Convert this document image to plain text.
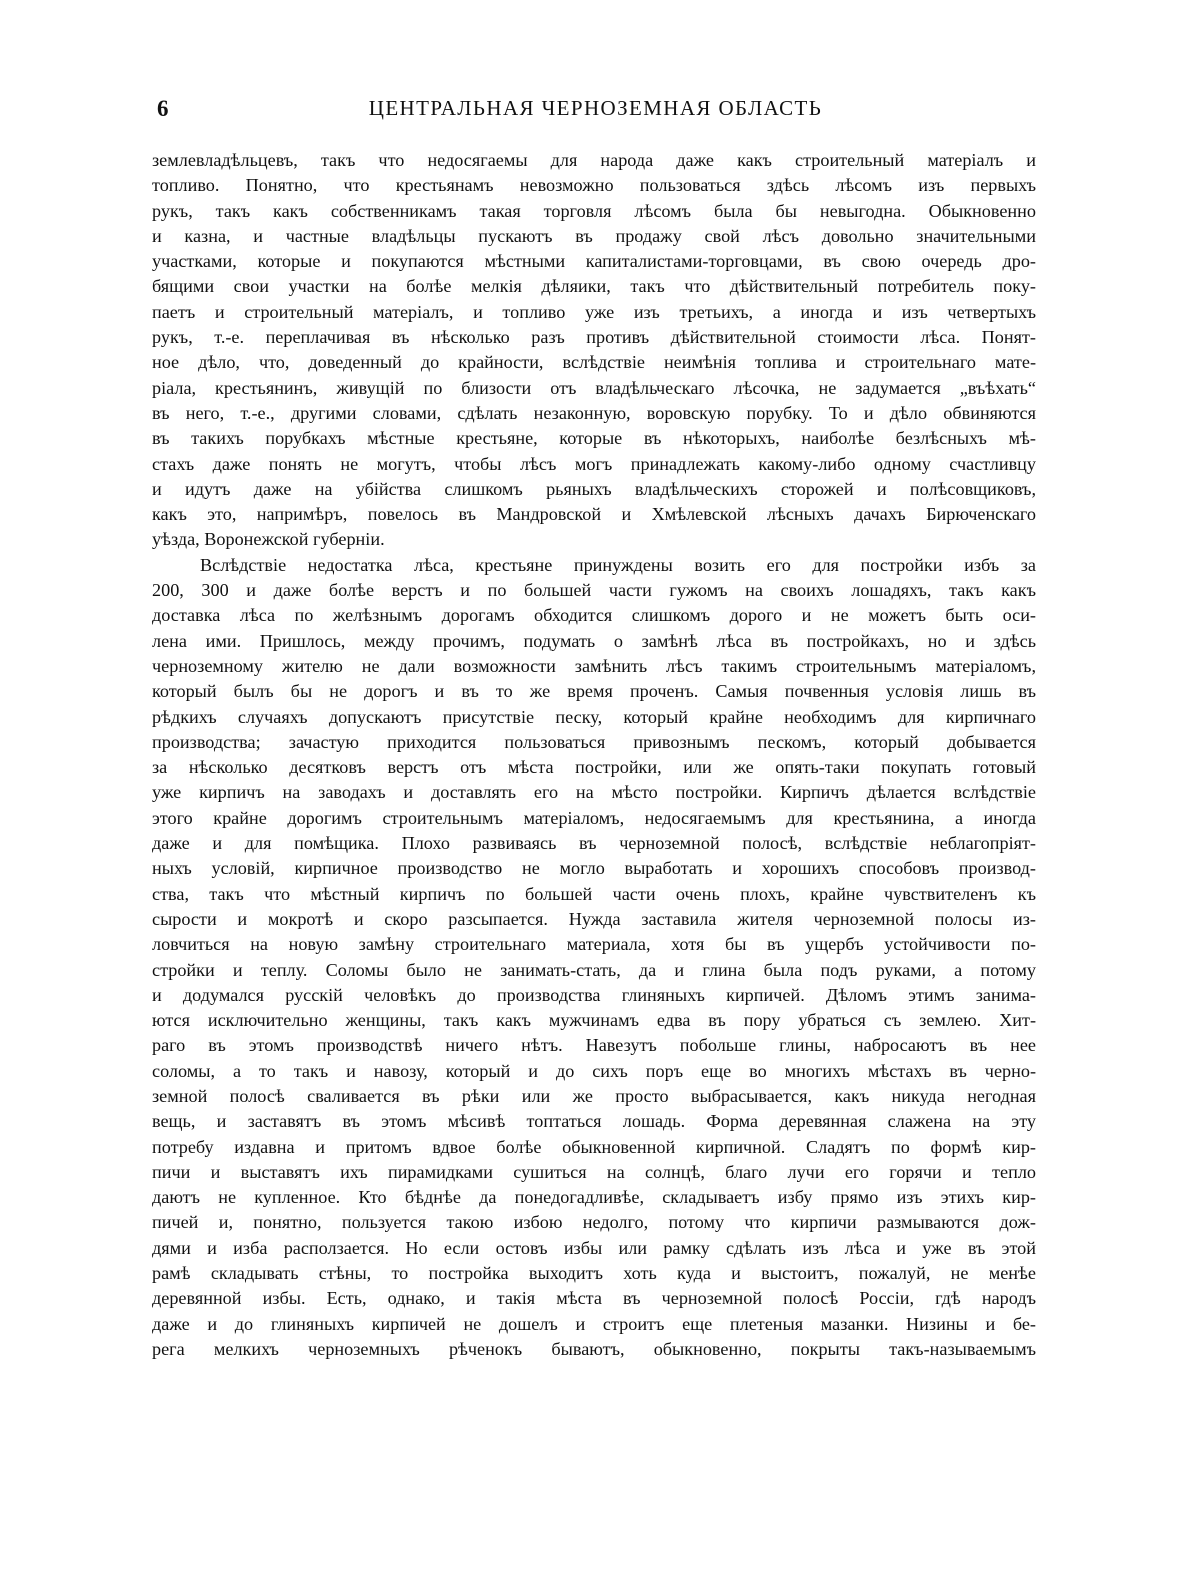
6	ЦЕНТРАЛЬНАЯ ЧЕРНОЗЕМНАЯ ОБЛАСТЬ
землевладѣльцевъ, такъ что недосягаемы для народа даже какъ строительный матеріалъ и
топливо. Понятно, что крестьянамъ невозможно пользоваться здѣсь лѣсомъ изъ первыхъ
рукъ, такъ какъ собственникамъ такая торговля лѣсомъ была бы невыгодна. Обыкновенно
и казна, и частные владѣльцы пускаютъ въ продажу свой лѣсъ довольно значительными
участками, которые и покупаются мѣстными капиталистами-торговцами, въ свою очередь дро-
бящими свои участки на болѣе мелкія дѣляики, такъ что дѣйствительный потребитель поку-
паетъ и строительный матеріалъ, и топливо уже изъ третьихъ, а иногда и изъ четвертыхъ
рукъ, т.-е. переплачивая въ нѣсколько разъ противъ дѣйствительной стоимости лѣса. Понят-
ное дѣло, что, доведенный до крайности, вслѣдствіе неимѣнія топлива и строительнаго мате-
ріала, крестьянинъ, живущій по близости отъ владѣльческаго лѣсочка, не задумается „въѣхать“
въ него, т.-е., другими словами, сдѣлать незаконную, воровскую порубку. То и дѣло обвиняются
въ такихъ порубкахъ мѣстные крестьяне, которые въ нѣкоторыхъ, наиболѣе безлѣсныхъ мѣ-
стахъ даже понять не могутъ, чтобы лѣсъ могъ принадлежать какому-либо одному счастливцу
и идутъ даже на убійства слишкомъ рьяныхъ владѣльческихъ сторожей и полѣсовщиковъ,
какъ это, напримѣръ, повелось въ Мандровской и Хмѣлевской лѣсныхъ дачахъ Бирюченскаго
уѣзда, Воронежской губерніи.
Вслѣдствіе недостатка лѣса, крестьяне принуждены возить его для постройки избъ за
200, 300 и даже болѣе верстъ и по большей части гужомъ на своихъ лошадяхъ, такъ какъ
доставка лѣса по желѣзнымъ дорогамъ обходится слишкомъ дорого и не можетъ быть оси-
лена ими. Пришлось, между прочимъ, подумать о замѣнѣ лѣса въ постройкахъ, но и здѣсь
черноземному жителю не дали возможности замѣнить лѣсъ такимъ строительнымъ матеріаломъ,
который былъ бы не дорогъ и въ то же время проченъ. Самыя почвенныя условія лишь въ
рѣдкихъ случаяхъ допускаютъ присутствіе песку, который крайне необходимъ для кирпичнаго
производства; зачастую приходится пользоваться привознымъ пескомъ, который добывается
за нѣсколько десятковъ верстъ отъ мѣста постройки, или же опять-таки покупать готовый
уже кирпичъ на заводахъ и доставлять его на мѣсто постройки. Кирпичъ дѣлается вслѣдствіе
этого крайне дорогимъ строительнымъ матеріаломъ, недосягаемымъ для крестьянина, а иногда
даже и для помѣщика. Плохо развиваясь въ черноземной полосѣ, вслѣдствіе неблагопріят-
ныхъ условій, кирпичное производство не могло выработать и хорошихъ способовъ производ-
ства, такъ что мѣстный кирпичъ по большей части очень плохъ, крайне чувствителенъ къ
сырости и мокротѣ и скоро разсыпается. Нужда заставила жителя черноземной полосы из-
ловчиться на новую замѣну строительнаго материала, хотя бы въ ущербъ устойчивости по-
стройки и теплу. Соломы было не занимать-стать, да и глина была подъ руками, а потому
и додумался русскій человѣкъ до производства глиняныхъ кирпичей. Дѣломъ этимъ занима-
ются исключительно женщины, такъ какъ мужчинамъ едва въ пору убраться съ землею. Хит-
раго въ этомъ производствѣ ничего нѣтъ. Навезутъ побольше глины, набросаютъ въ нее
соломы, а то такъ и навозу, который и до сихъ поръ еще во многихъ мѣстахъ въ черно-
земной полосѣ сваливается въ рѣки или же просто выбрасывается, какъ никуда негодная
вещь, и заставятъ въ этомъ мѣсивѣ топтаться лошадь. Форма деревянная слажена на эту
потребу издавна и притомъ вдвое болѣе обыкновенной кирпичной. Сладятъ по формѣ кир-
пичи и выставятъ ихъ пирамидками сушиться на солнцѣ, благо лучи его горячи и тепло
даютъ не купленное. Кто бѣднѣе да понедогадливѣе, складываетъ избу прямо изъ этихъ кир-
пичей и, понятно, пользуется такою избою недолго, потому что кирпичи размываются дож-
дями и изба расползается. Но если остовъ избы или рамку сдѣлать изъ лѣса и уже въ этой
рамѣ складывать стѣны, то постройка выходитъ хоть куда и выстоитъ, пожалуй, не менѣе
деревянной избы. Есть, однако, и такія мѣста въ черноземной полосѣ Россіи, гдѣ народъ
даже и до глиняныхъ кирпичей не дошелъ и строитъ еще плетеныя мазанки. Низины и бе-
рега мелкихъ черноземныхъ рѣченокъ бываютъ, обыкновенно, покрыты такъ-называемымъ
